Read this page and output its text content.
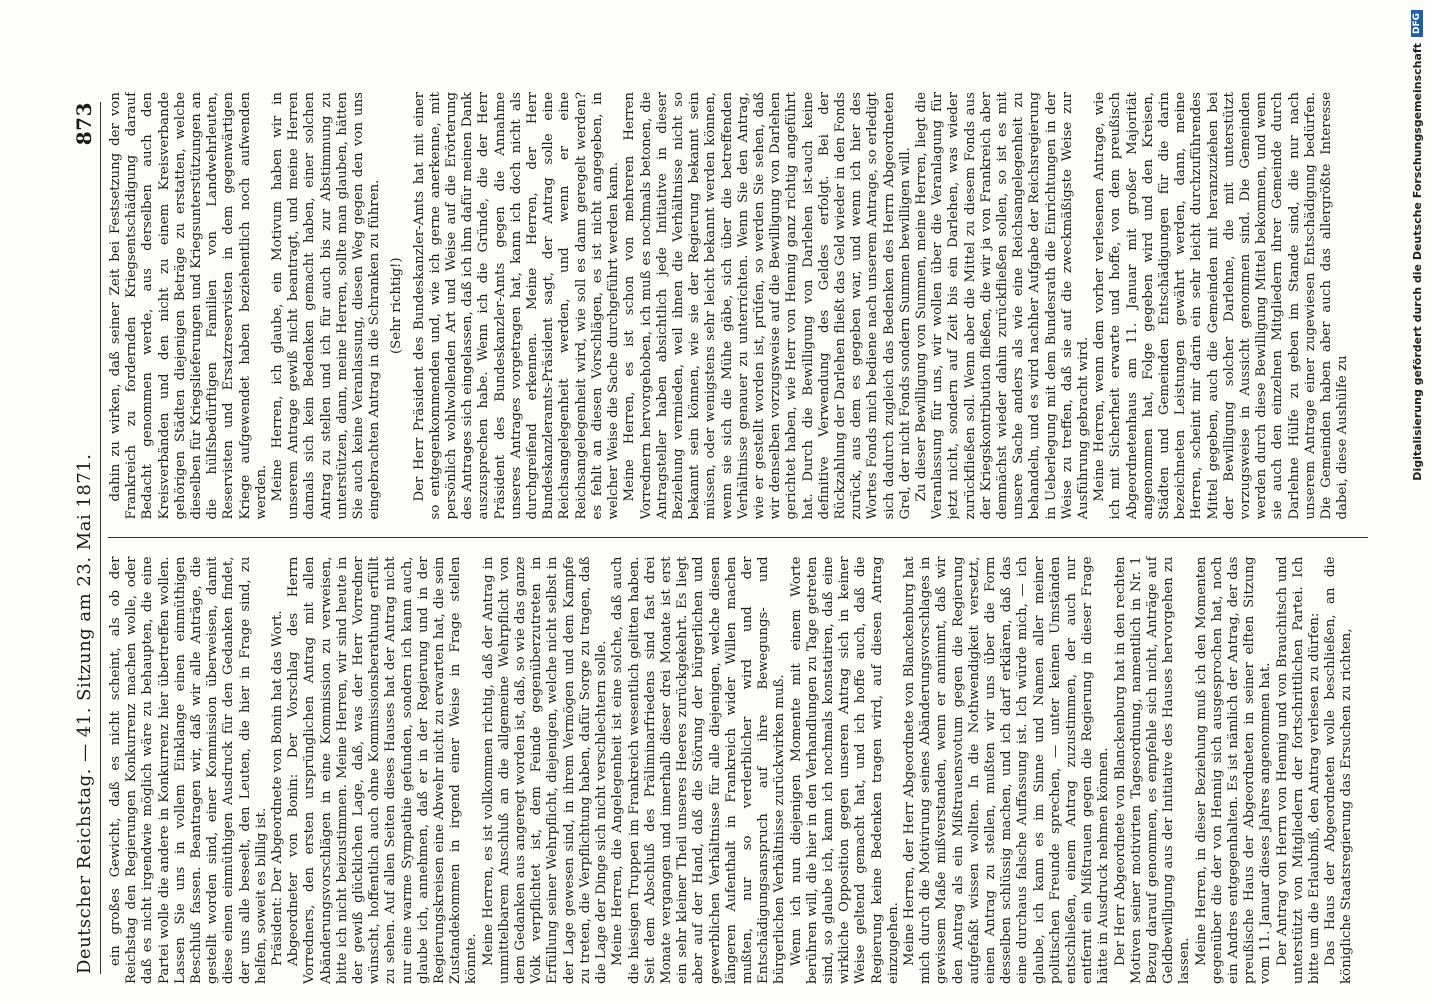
Deutscher Reichstag. — 41. Sitzung am 23. Mai 1871.
873

ein großes Gewicht, daß es nicht scheint, als ob der Reichstag den Regierungen Konkurrenz machen wolle, oder daß es nicht irgendwie möglich wäre zu behaupten, die eine Partei wolle die andere in Konkurrenz hier übertreffen wollen. Lassen Sie uns in vollem Einklange einen einmüthigen Beschluß fassen. Beantragen wir, daß wir alle Anträge, die gestellt worden sind, einer Kommission überweisen, damit diese einen einmüthigen Ausdruck für den Gedanken findet, der uns alle beseelt, den Leuten, die hier in Frage sind, zu helfen, soweit es billig ist. Präsident: Der Abgeordnete von Bonin hat das Wort. Abgeordneter von Bonin: Der Vorschlag des Herrn Vorredners, den ersten ursprünglichen Antrag mit allen Abänderungsvorschlägen in eine Kommission zu verweisen, bitte ich nicht beizustimmen. Meine Herren, wir sind heute in der gewiß glücklichen Lage, daß, was der Herr Vorredner wünscht, hoffentlich auch ohne Kommissionsberathung erfüllt zu sehen. Auf allen Seiten dieses Hauses hat der Antrag nicht nur eine warme Sympathie gefunden, sondern ich kann auch, glaube ich, annehmen, daß er in der Regierung und in der Regierungskreisen eine Abwehr nicht zu erwarten hat, die sein Zustandekommen in irgend einer Weise in Frage stellen könnte. Meine Herren, es ist vollkommen richtig, daß der Antrag in unmittelbarem Anschluß an die allgemeine Wehrpflicht von dem Gedanken aus angeregt worden ist, daß, so wie das ganze Volk verpflichtet ist, dem Feinde gegenüberzutreten in Erfüllung seiner Wehrpflicht, diejenigen, welche nicht selbst in der Lage gewesen sind, in ihrem Vermögen und dem Kampfe zu treten, die Verpflichtung haben, dafür Sorge zu tragen, daß die Lage der Dinge sich nicht verschlechtern solle. Meine Herren, die Angelegenheit ist eine solche, daß auch die hiesigen Truppen im Frankreich wesentlich gelitten haben. Seit dem Abschluß des Präliminarfriedens sind fast drei Monate vergangen und innerhalb dieser drei Monate ist erst ein sehr kleiner Theil unseres Heeres zurückgekehrt. Es liegt aber auf der Hand, daß die Störung der bürgerlichen und gewerblichen Verhältnisse für alle diejenigen, welche diesen längeren Aufenthalt in Frankreich wider Willen machen mußten, nur so verderblicher wird und der Entschädigungsanspruch auf ihre Bewegungs- und bürgerlichen Verhältnisse zurückwirken muß. Wenn ich nun diejenigen Momente mit einem Worte berühren will, die hier in den Verhandlungen zu Tage getreten sind, so glaube ich, kann ich nochmals konstatiren, daß eine wirkliche Opposition gegen unseren Antrag sich in keiner Weise geltend gemacht hat, und ich hoffe auch, daß die Regierung keine Bedenken tragen wird, auf diesen Antrag einzugehen. Meine Herren, der Herr Abgeordnete von Blanckenburg hat mich durch die Motivirung seines Abänderungsvorschlages in gewissem Maße mißverstanden, wenn er annimmt, daß wir den Antrag als ein Mißtrauensvotum gegen die Regierung aufgefaßt wissen wollten. In die Nothwendigkeit versetzt, einen Antrag zu stellen, mußten wir uns über die Form desselben schlüssig machen, und ich darf erklären, daß das eine durchaus falsche Auffassung ist. Ich würde mich, — ich glaube, ich kann es im Sinne und Namen aller meiner politischen Freunde sprechen, — unter keinen Umständen entschließen, einem Antrag zuzustimmen, der auch nur entfernt ein Mißtrauen gegen die Regierung in dieser Frage hätte in Ausdruck nehmen können. Der Herr Abgeordnete von Blanckenburg hat in den rechten Motiven seiner motivirten Tagesordnung, namentlich in Nr. 1 Bezug darauf genommen, es empfehle sich nicht, Anträge auf Geldbewilligung aus der Initiative des Hauses hervorgehen zu lassen. Meine Herren, in dieser Beziehung muß ich den Momenten gegenüber die der von Hennig sich ausgesprochen hat, noch ein Andres entgegenhalten. Es ist nämlich der Antrag, der das preußische Haus der Abgeordneten in seiner elften Sitzung vom 11. Januar dieses Jahres angenommen hat. Der Antrag von Herrn von Hennig und von Brauchitsch und unterstützt von Mitgliedern der fortschrittlichen Partei. Ich bitte um die Erlaubniß, den Antrag verlesen zu dürfen: Das Haus der Abgeordneten wolle beschließen, an die königliche Staatsregierung das Ersuchen zu richten,

dahin zu wirken, daß seiner Zeit bei Festsetzung der von Frankreich zu fordernden Kriegsentschädigung darauf Bedacht genommen werde, aus derselben auch den Kreisverbänden und den nicht zu einem Kreisverbande gehörigen Städten diejenigen Beträge zu erstatten, welche dieselben für Kriegslieferungen und Kriegsunterstützungen an die hülfsbedürftigen Familien von Landwehrleuten, Reservisten und Ersatzreservisten in dem gegenwärtigen Kriege aufgewendet haben beziehentlich noch aufwenden werden. Meine Herren, ich glaube, ein Motivum haben wir in unserem Antrage gewiß nicht beantragt, und meine Herren damals sich kein Bedenken gemacht haben, einer solchen Antrag zu stellen und ich für auch bis zur Abstimmung zu unterstützen, dann, meine Herren, sollte man glauben, hätten Sie auch keine Veranlassung, diesen Weg gegen den von uns eingebrachten Antrag in die Schranken zu führen. (Sehr richtig!) Der Herr Präsident des Bundeskanzler-Amts hat mit einer so entgegenkommenden und, wie ich gerne anerkenne, mit persönlich wohlwollenden Art und Weise auf die Erörterung des Antrages sich eingelassen, daß ich ihm dafür meinen Dank auszusprechen habe. Wenn ich die Gründe, die der Herr Präsident des Bundeskanzler-Amts gegen die Annahme unseres Antrages vorgetragen hat, kann ich doch nicht als durchgreifend erkennen. Meine Herren, der Herr Bundeskanzleramts-Präsident sagt, der Antrag solle eine Reichsangelegenheit werden, und wenn er eine Reichsangelegenheit wird, wie soll es dann geregelt werden? es fehlt an diesen Vorschlägen, es ist nicht angegeben, in welcher Weise die Sache durchgeführt werden kann. Meine Herren, es ist schon von mehreren Herren Vorrednern hervorgehoben, ich muß es nochmals betonen, die Antragsteller haben absichtlich jede Initiative in dieser Beziehung vermieden, weil ihnen die Verhältnisse nicht so bekannt sein können, wie sie der Regierung bekannt sein müssen, oder wenigstens sehr leicht bekannt werden können, wenn sie sich die Mühe gäbe, sich über die betreffenden Verhältnisse genauer zu unterrichten. Wenn Sie den Antrag, wie er gestellt worden ist, prüfen, so werden Sie sehen, daß wir denselben vorzugsweise auf die Bewilligung von Darlehen gerichtet haben, wie Herr von Hennig ganz richtig angeführt hat. Durch die Bewilligung von Darlehen ist-auch keine definitive Verwendung des Geldes erfolgt. Bei der Rückzahlung der Darlehen fließt das Geld wieder in den Fonds zurück, aus dem es gegeben war, und wenn ich hier des Wortes Fonds mich bediene nach unserem Antrage, so erledigt sich dadurch zugleich das Bedenken des Herrn Abgeordneten Grel, der nicht Fonds sondern Summen bewilligen will. Zu dieser Bewilligung von Summen, meine Herren, liegt die Veranlassung für uns, wir wollen über die Veranlagung für jetzt nicht, sondern auf Zeit bis ein Darlehen, was wieder zurückfließen soll. Wenn aber die Mittel zu diesem Fonds aus der Kriegskontribution fließen, die wir ja von Frankreich aber demnächst wieder dahin zurückfließen sollen, so ist es mit unsere Sache anders als wie eine Reichsangelegenheit zu behandeln, und es wird nachher Aufgabe der Reichsregierung in Ueberlegung mit dem Bundesrath die Einrichtungen in der Weise zu treffen, daß sie auf die zweckmäßigste Weise zur Ausführung gebracht wird. Meine Herren, wenn dem vorher verlesenen Antrage, wie ich mit Sicherheit erwarte und hoffe, von dem preußisch Abgeordnetenhaus am 11. Januar mit großer Majorität angenommen hat, Folge gegeben wird und den Kreisen, Städten und Gemeinden Entschädigungen für die darin bezeichneten Leistungen gewährt werden, dann, meine Herren, scheint mir darin ein sehr leicht durchzuführendes Mittel gegeben, auch die Gemeinden mit heranzuziehen bei der Bewilligung solcher Darlehne, die mit unterstützt vorzugsweise in Aussicht genommen sind. Die Gemeinden werden durch diese Bewilligung Mittel bekommen, und wenn sie auch den einzelnen Mitgliedern ihrer Gemeinde durch Darlehne Hülfe zu geben im Stande sind, die nur nach unserem Antrage einer zugewiesen Entschädigung bedürfen. Die Gemeinden haben aber auch das allergrößte Interesse dabei, diese Aushülfe zu	Digitalisierung gefördert durch die Deutsche Forschungsgemeinschaft
DFG
